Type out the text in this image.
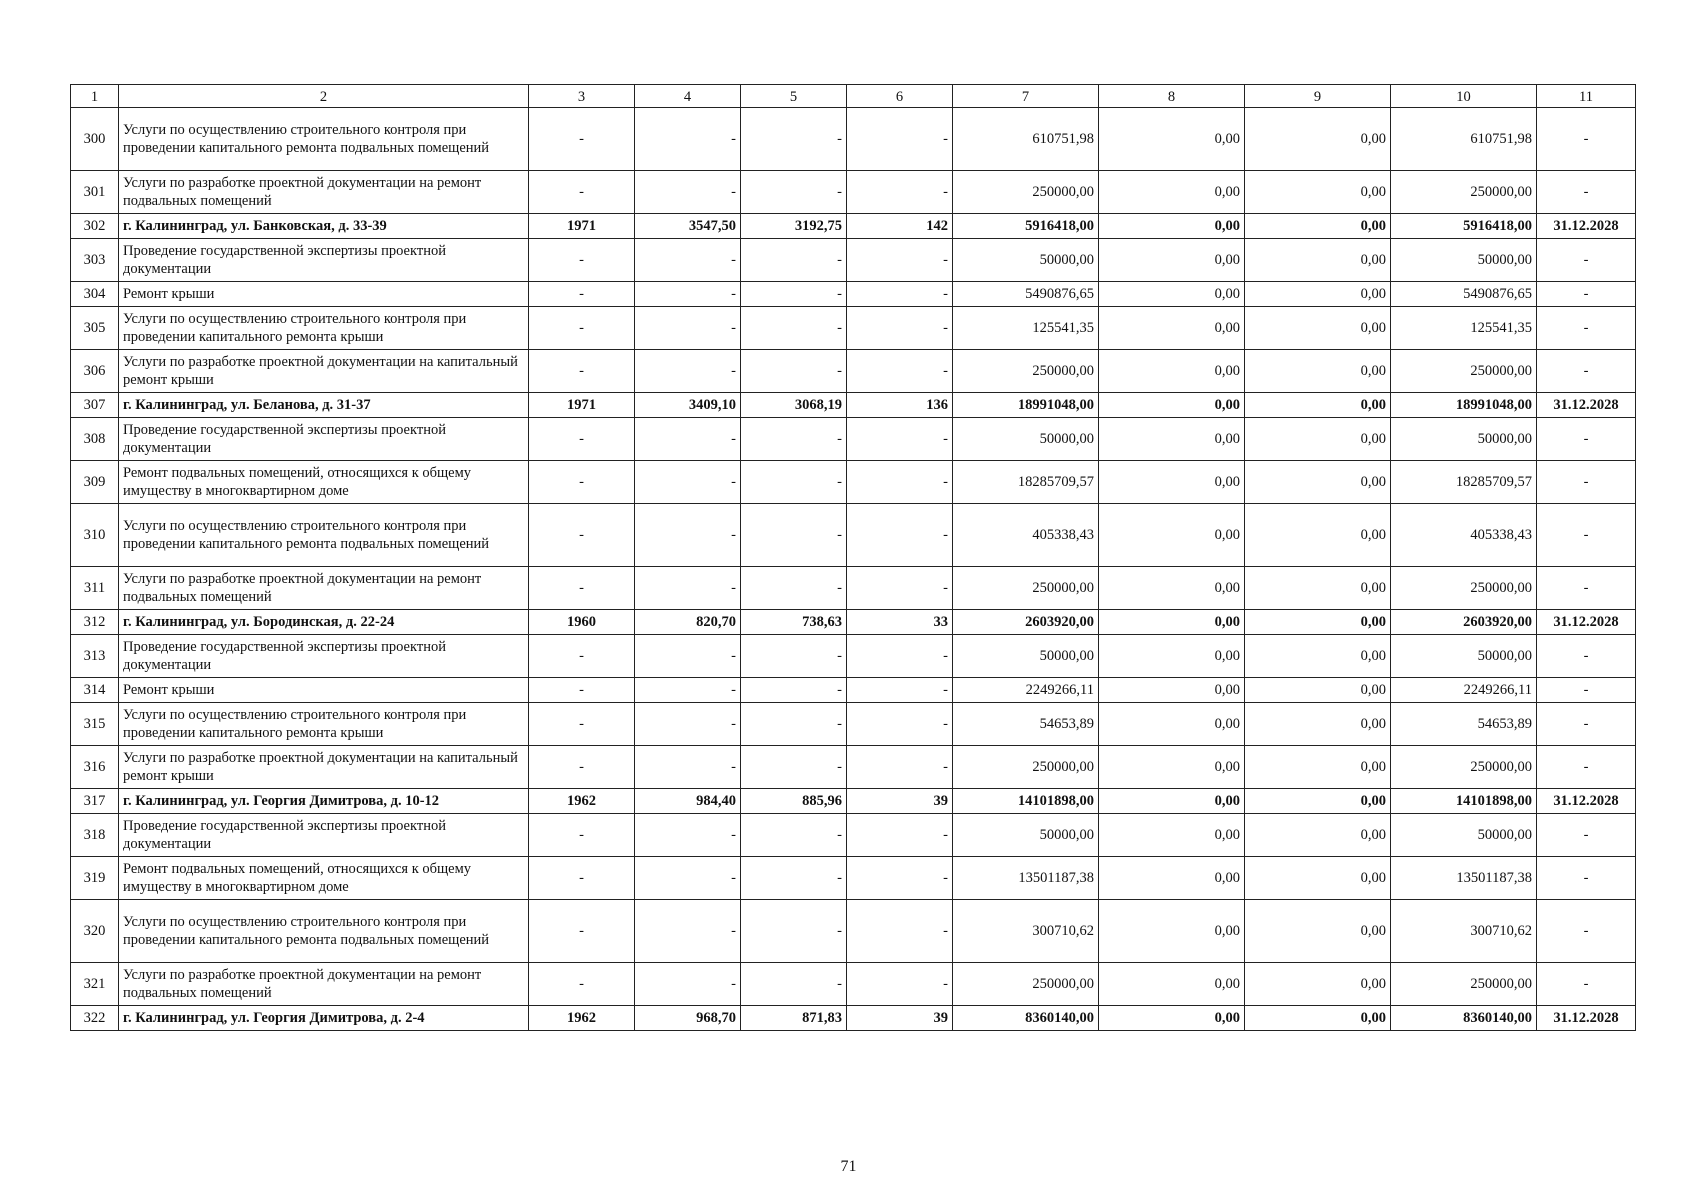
1	2	3	4	5	6	7	8	9	10	11
300	Услуги по осуществлению строительного контроля при проведении капитального ремонта подвальных помещений	-	-	-	-	610751,98	0,00	0,00	610751,98	-
301	Услуги по разработке проектной документации на ремонт подвальных помещений	-	-	-	-	250000,00	0,00	0,00	250000,00	-
302	г. Калининград, ул. Банковская, д. 33-39	1971	3547,50	3192,75	142	5916418,00	0,00	0,00	5916418,00	31.12.2028
303	Проведение государственной экспертизы проектной документации	-	-	-	-	50000,00	0,00	0,00	50000,00	-
304	Ремонт крыши	-	-	-	-	5490876,65	0,00	0,00	5490876,65	-
305	Услуги по осуществлению строительного контроля при проведении капитального ремонта крыши	-	-	-	-	125541,35	0,00	0,00	125541,35	-
306	Услуги по разработке проектной документации на капитальный ремонт крыши	-	-	-	-	250000,00	0,00	0,00	250000,00	-
307	г. Калининград, ул. Беланова, д. 31-37	1971	3409,10	3068,19	136	18991048,00	0,00	0,00	18991048,00	31.12.2028
308	Проведение государственной экспертизы проектной документации	-	-	-	-	50000,00	0,00	0,00	50000,00	-
309	Ремонт подвальных помещений, относящихся к общему имуществу в многоквартирном доме	-	-	-	-	18285709,57	0,00	0,00	18285709,57	-
310	Услуги по осуществлению строительного контроля при проведении капитального ремонта подвальных помещений	-	-	-	-	405338,43	0,00	0,00	405338,43	-
311	Услуги по разработке проектной документации на ремонт подвальных помещений	-	-	-	-	250000,00	0,00	0,00	250000,00	-
312	г. Калининград, ул. Бородинская, д. 22-24	1960	820,70	738,63	33	2603920,00	0,00	0,00	2603920,00	31.12.2028
313	Проведение государственной экспертизы проектной документации	-	-	-	-	50000,00	0,00	0,00	50000,00	-
314	Ремонт крыши	-	-	-	-	2249266,11	0,00	0,00	2249266,11	-
315	Услуги по осуществлению строительного контроля при проведении капитального ремонта крыши	-	-	-	-	54653,89	0,00	0,00	54653,89	-
316	Услуги по разработке проектной документации на капитальный ремонт крыши	-	-	-	-	250000,00	0,00	0,00	250000,00	-
317	г. Калининград, ул. Георгия Димитрова, д. 10-12	1962	984,40	885,96	39	14101898,00	0,00	0,00	14101898,00	31.12.2028
318	Проведение государственной экспертизы проектной документации	-	-	-	-	50000,00	0,00	0,00	50000,00	-
319	Ремонт подвальных помещений, относящихся к общему имуществу в многоквартирном доме	-	-	-	-	13501187,38	0,00	0,00	13501187,38	-
320	Услуги по осуществлению строительного контроля при проведении капитального ремонта подвальных помещений	-	-	-	-	300710,62	0,00	0,00	300710,62	-
321	Услуги по разработке проектной документации на ремонт подвальных помещений	-	-	-	-	250000,00	0,00	0,00	250000,00	-
322	г. Калининград, ул. Георгия Димитрова, д. 2-4	1962	968,70	871,83	39	8360140,00	0,00	0,00	8360140,00	31.12.2028
71
